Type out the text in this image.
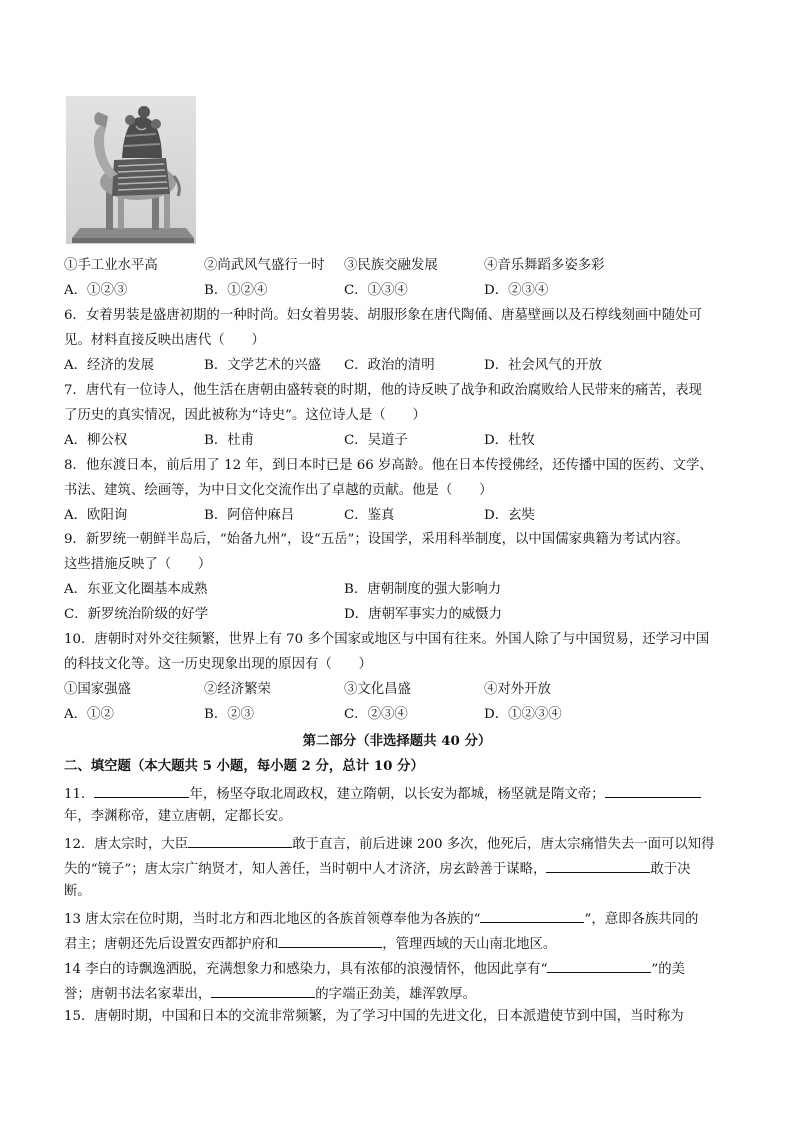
①手工业水平高	②尚武风气盛行一时 ③民族交融发展	④音乐舞蹈多姿多彩
A．①②③	B．①②④	C．①③④	D．②③④
6．女着男装是盛唐初期的一种时尚。妇女着男装、胡服形象在唐代陶俑、唐墓壁画以及石椁线刻画中随处可
见。材料直接反映出唐代（　　）
A．经济的发展	B．文学艺术的兴盛 C．政治的清明	D．社会风气的开放
7．唐代有一位诗人，他生活在唐朝由盛转衰的时期，他的诗反映了战争和政治腐败给人民带来的痛苦，表现
了历史的真实情况，因此被称为“诗史”。这位诗人是（　　）
A．柳公权	B．杜甫	C．吴道子	D．杜牧
8．他东渡日本，前后用了 12 年，到日本时已是 66 岁高龄。他在日本传授佛经，还传播中国的医药、文学、
书法、建筑、绘画等，为中日文化交流作出了卓越的贡献。他是（　　）
A．欧阳询	B．阿倍仲麻吕	C．鉴真	D．玄奘
9．新罗统一朝鲜半岛后，“始备九州”，设“五岳”；设国学，采用科举制度，以中国儒家典籍为考试内容。
这些措施反映了（　　）
A．东亚文化圈基本成熟	B．唐朝制度的强大影响力
C．新罗统治阶级的好学	D．唐朝军事实力的威慑力
10．唐朝时对外交往频繁，世界上有 70 多个国家或地区与中国有往来。外国人除了与中国贸易，还学习中国
的科技文化等。这一历史现象出现的原因有（　　）
①国家强盛	②经济繁荣	③文化昌盛	④对外开放
A．①②	B．②③	C．②③④	D．①②③④
第二部分（非选择题共 40 分）
二、填空题（本大题共 5 小题，每小题 2 分，总计 10 分）
11．	年，杨坚夺取北周政权，建立隋朝，以长安为都城，杨坚就是隋文帝；
年，李渊称帝，建立唐朝，定都长安。
12．唐太宗时，大臣	敢于直言，前后进谏 200 多次，他死后，唐太宗痛惜失去一面可以知得
失的“镜子”；唐太宗广纳贤才，知人善任，当时朝中人才济济，房玄龄善于谋略，	敢于决
断。
13 唐太宗在位时期，当时北方和西北地区的各族首领尊奉他为各族的“	”，意即各族共同的
君主；唐朝还先后设置安西都护府和	，管理西域的天山南北地区。
14 李白的诗飘逸洒脱，充满想象力和感染力，具有浓郁的浪漫情怀，他因此享有“	”的美
誉；唐朝书法名家辈出，	的字端正劲美，雄浑敦厚。
15．唐朝时期，中国和日本的交流非常频繁，为了学习中国的先进文化，日本派遣使节到中国，当时称为
